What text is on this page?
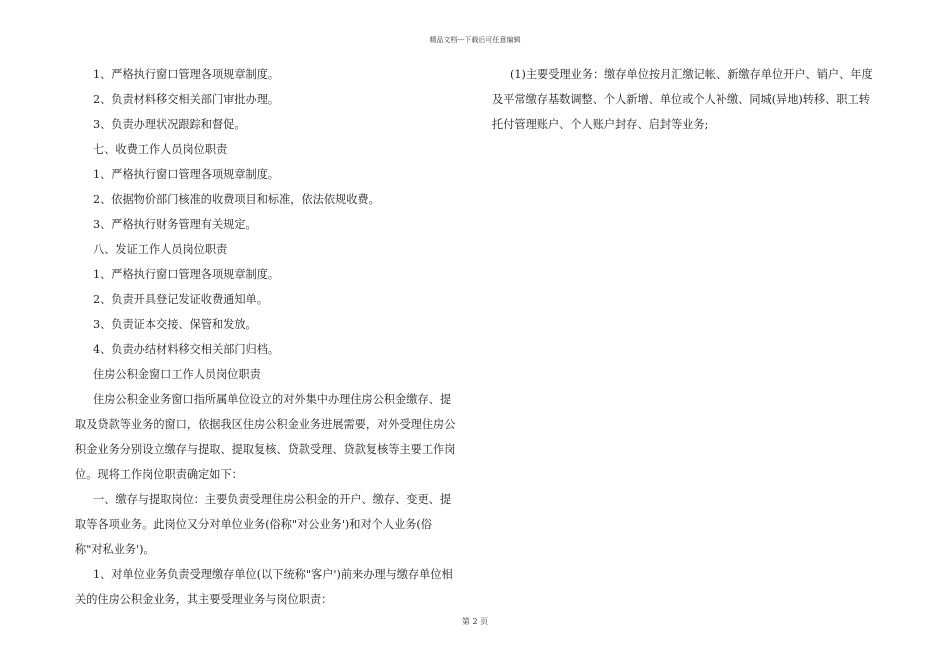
精品文档---下载后可任意编辑
1、严格执行窗口管理各项规章制度。
2、负责材料移交相关部门审批办理。
3、负责办理状况跟踪和督促。
七、收费工作人员岗位职责
1、严格执行窗口管理各项规章制度。
2、依据物价部门核准的收费项目和标准，依法依规收费。
3、严格执行财务管理有关规定。
八、发证工作人员岗位职责
1、严格执行窗口管理各项规章制度。
2、负责开具登记发证收费通知单。
3、负责证本交接、保管和发放。
4、负责办结材料移交相关部门归档。
住房公积金窗口工作人员岗位职责
住房公积金业务窗口指所属单位设立的对外集中办理住房公积金缴存、提
取及贷款等业务的窗口，依据我区住房公积金业务进展需要，对外受理住房公
积金业务分别设立缴存与提取、提取复核、贷款受理、贷款复核等主要工作岗
位。现将工作岗位职责确定如下：
一、缴存与提取岗位：主要负责受理住房公积金的开户、缴存、变更、提
取等各项业务。此岗位又分对单位业务(俗称"对公业务')和对个人业务(俗
称"对私业务')。
1、对单位业务负责受理缴存单位(以下统称"客户')前来办理与缴存单位相
关的住房公积金业务，其主要受理业务与岗位职责：
(1)主要受理业务：缴存单位按月汇缴记帐、新缴存单位开户、销户、年度
及平常缴存基数调整、个人新增、单位或个人补缴、同城(异地)转移、职工转
托付管理账户、个人账户封存、启封等业务;
第 2 页
